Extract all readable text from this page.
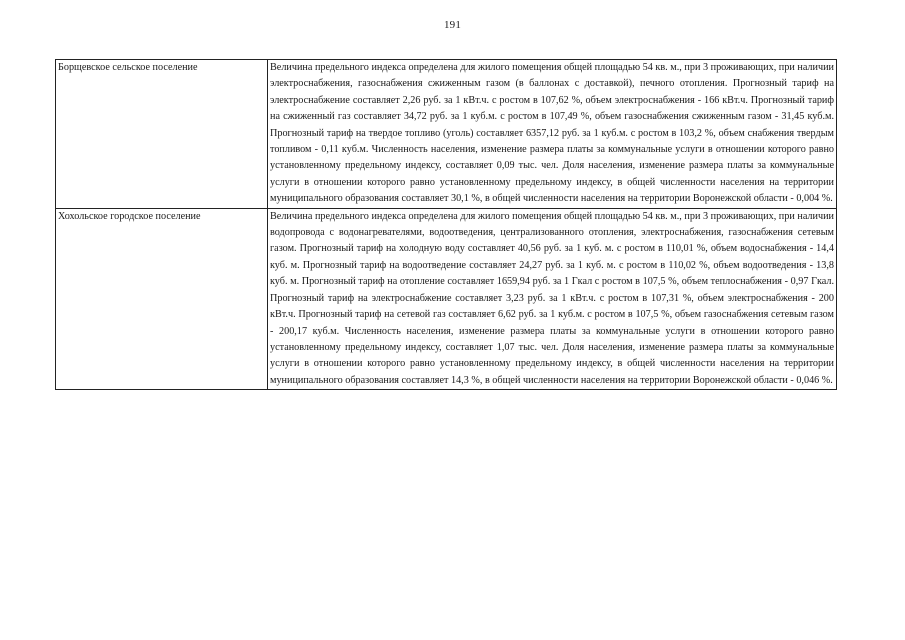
191
Борщевское сельское поселение	Величина предельного индекса определена для жилого помещения общей площадью 54 кв. м., при 3 проживающих, при наличии электроснабжения, газоснабжения сжиженным газом (в баллонах с доставкой), печного отопления. Прогнозный тариф на электроснабжение составляет 2,26 руб. за 1 кВт.ч. с ростом в 107,62 %, объем электроснабжения - 166 кВт.ч. Прогнозный тариф на сжиженный газ составляет 34,72 руб. за 1 куб.м. с ростом в 107,49 %, объем газоснабжения сжиженным газом - 31,45 куб.м. Прогнозный тариф на твердое топливо (уголь) составляет 6357,12 руб. за 1 куб.м. с ростом в 103,2 %, объем снабжения твердым топливом - 0,11 куб.м. Численность населения, изменение размера платы за коммунальные услуги в отношении которого равно установленному предельному индексу, составляет 0,09 тыс. чел. Доля населения, изменение размера платы за коммунальные услуги в отношении которого равно установленному предельному индексу, в общей численности населения на территории муниципального образования составляет 30,1 %, в общей численности населения на территории Воронежской области - 0,004 %.
Хохольское городское поселение	Величина предельного индекса определена для жилого помещения общей площадью 54 кв. м., при 3 проживающих, при наличии водопровода с водонагревателями, водоотведения, централизованного отопления, электроснабжения, газоснабжения сетевым газом. Прогнозный тариф на холодную воду составляет 40,56 руб. за 1 куб. м. с ростом в 110,01 %, объем водоснабжения - 14,4 куб. м. Прогнозный тариф на водоотведение составляет 24,27 руб. за 1 куб. м. с ростом в 110,02 %, объем водоотведения - 13,8 куб. м. Прогнозный тариф на отопление составляет 1659,94 руб. за 1 Гкал с ростом в 107,5 %, объем теплоснабжения - 0,97 Гкал. Прогнозный тариф на электроснабжение составляет 3,23 руб. за 1 кВт.ч. с ростом в 107,31 %, объем электроснабжения - 200 кВт.ч. Прогнозный тариф на сетевой газ составляет 6,62 руб. за 1 куб.м. с ростом в 107,5 %, объем газоснабжения сетевым газом - 200,17 куб.м. Численность населения, изменение размера платы за коммунальные услуги в отношении которого равно установленному предельному индексу, составляет 1,07 тыс. чел. Доля населения, изменение размера платы за коммунальные услуги в отношении которого равно установленному предельному индексу, в общей численности населения на территории муниципального образования составляет 14,3 %, в общей численности населения на территории Воронежской области - 0,046 %.
